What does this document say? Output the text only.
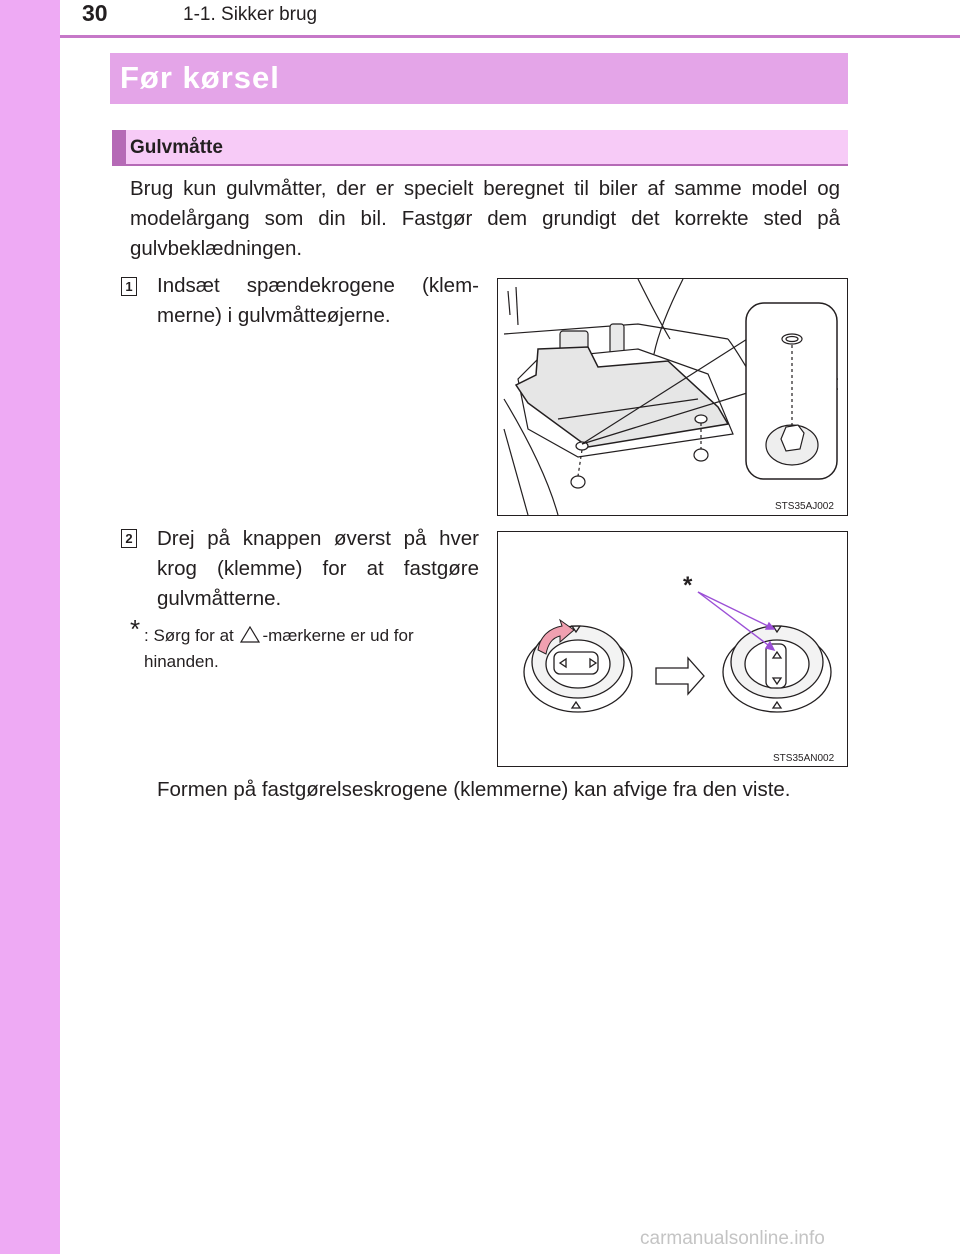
30	1-1. Sikker brug
Før kørsel
Gulvmåtte

Brug kun gulvmåtter, der er specielt beregnet til biler af samme model og modelårgang som din bil. Fastgør dem grundigt det korrekte sted på gulvbeklædningen.

1 Indsæt spændekrogene (klem-merne) i gulvmåtteøjerne.

2 Drej på knappen øverst på hver krog (klemme) for at fastgøre gulvmåtterne.

* : Sørg for at -mærkerne er ud for hinanden.

Formen på fastgørelseskrogene (klemmerne) kan afvige fra den viste.

STS35AJ002
*
STS35AN002
carmanualsonline.info
